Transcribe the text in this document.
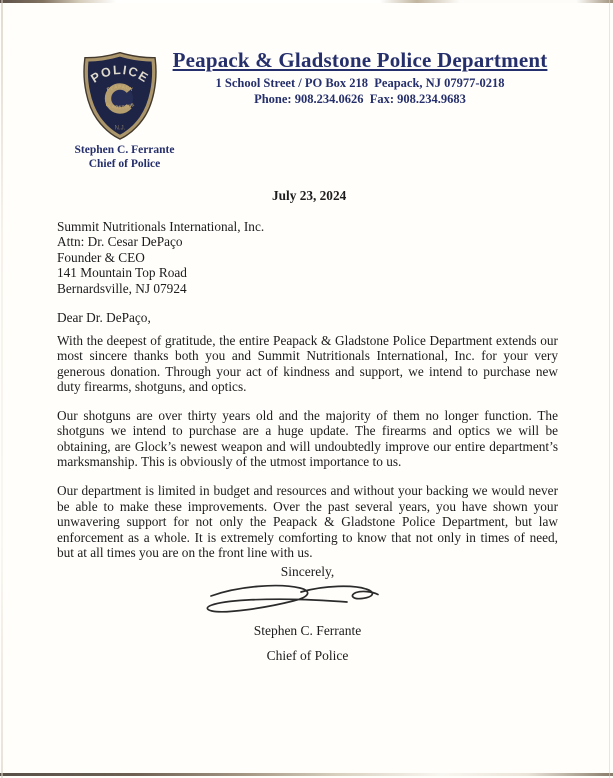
POLICE
PEAPACK
GLADSTONE
N.J.
Peapack & Gladstone Police Department
1 School Street / PO Box 218  Peapack, NJ 07977-0218
Phone: 908.234.0626  Fax: 908.234.9683
Stephen C. Ferrante
Chief of Police
July 23, 2024
Summit Nutritionals International, Inc.
Attn: Dr. Cesar DePaço
Founder & CEO
141 Mountain Top Road
Bernardsville, NJ 07924
Dear Dr. DePaço,

With the deepest of gratitude, the entire Peapack & Gladstone Police Department extends our most sincere thanks both you and Summit Nutritionals International, Inc. for your very generous donation. Through your act of kindness and support, we intend to purchase new duty firearms, shotguns, and optics.

Our shotguns are over thirty years old and the majority of them no longer function. The shotguns we intend to purchase are a huge update. The firearms and optics we will be obtaining, are Glock’s newest weapon and will undoubtedly improve our entire department’s marksmanship. This is obviously of the utmost importance to us.

Our department is limited in budget and resources and without your backing we would never be able to make these improvements. Over the past several years, you have shown your unwavering support for not only the Peapack & Gladstone Police Department, but law enforcement as a whole. It is extremely comforting to know that not only in times of need, but at all times you are on the front line with us.

Sincerely,
Stephen C. Ferrante
Chief of Police
